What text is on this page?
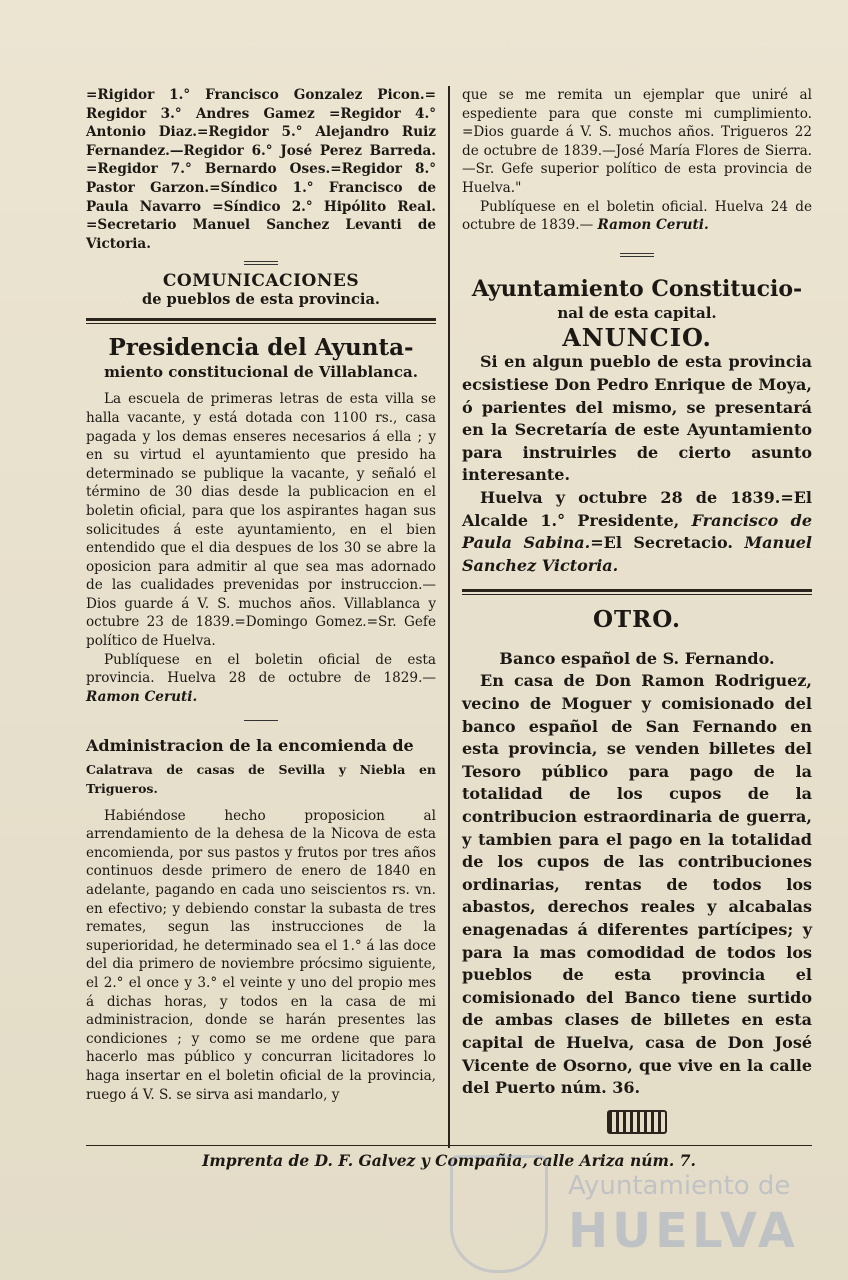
=Rigidor 1.° Francisco Gonzalez Picon.= Regidor 3.° Andres Gamez =Regidor 4.° Antonio Diaz.=Regidor 5.° Alejandro Ruiz Fernandez.—Regidor 6.° José Perez Barreda. =Regidor 7.° Bernardo Oses.=Regidor 8.° Pastor Garzon.=Síndico 1.° Francisco de Paula Navarro =Síndico 2.° Hipólito Real. =Secretario Manuel Sanchez Levanti de Victoria.

COMUNICACIONES
de pueblos de esta provincia.

Presidencia del Ayunta-

miento constitucional de Villablanca.

La escuela de primeras letras de esta villa se halla vacante, y está dotada con 1100 rs., casa pagada y los demas enseres necesarios á ella ; y en su virtud el ayuntamiento que presido ha determinado se publique la vacante, y señaló el término de 30 dias desde la publicacion en el boletin oficial, para que los aspirantes hagan sus solicitudes á este ayuntamiento, en el bien entendido que el dia despues de los 30 se abre la oposicion para admitir al que sea mas adornado de las cualidades prevenidas por instruccion.—Dios guarde á V. S. muchos años. Villablanca y octubre 23 de 1839.=Domingo Gomez.=Sr. Gefe político de Huelva.

Publíquese en el boletin oficial de esta provincia. Huelva 28 de octubre de 1829.— Ramon Ceruti.

Administracion de la encomienda de

Calatrava de casas de Sevilla y Niebla en Trigueros.

Habiéndose hecho proposicion al arrendamiento de la dehesa de la Nicova de esta encomienda, por sus pastos y frutos por tres años continuos desde primero de enero de 1840 en adelante, pagando en cada uno seiscientos rs. vn. en efectivo; y debiendo constar la subasta de tres remates, segun las instrucciones de la superioridad, he determinado sea el 1.° á las doce del dia primero de noviembre prócsimo siguiente, el 2.° el once y 3.° el veinte y uno del propio mes á dichas horas, y todos en la casa de mi administracion, donde se harán presentes las condiciones ; y como se me ordene que para hacerlo mas público y concurran licitadores lo haga insertar en el boletin oficial de la provincia, ruego á V. S. se sirva asi mandarlo, y

que se me remita un ejemplar que uniré al espediente para que conste mi cumplimiento. =Dios guarde á V. S. muchos años. Trigueros 22 de octubre de 1839.—José María Flores de Sierra.—Sr. Gefe superior político de esta provincia de Huelva."

Publíquese en el boletin oficial. Huelva 24 de octubre de 1839.— Ramon Ceruti.

Ayuntamiento Constitucio-

nal de esta capital.

ANUNCIO.

Si en algun pueblo de esta provincia ecsistiese Don Pedro Enrique de Moya, ó parientes del mismo, se presentará en la Secretaría de este Ayuntamiento para instruirles de cierto asunto interesante.

Huelva y octubre 28 de 1839.=El Alcalde 1.° Presidente, Francisco de Paula Sabina.=El Secretacio. Manuel Sanchez Victoria.

OTRO.

Banco español de S. Fernando.

En casa de Don Ramon Rodriguez, vecino de Moguer y comisionado del banco español de San Fernando en esta provincia, se venden billetes del Tesoro público para pago de la totalidad de los cupos de la contribucion estraordinaria de guerra, y tambien para el pago en la totalidad de los cupos de las contribuciones ordinarias, rentas de todos los abastos, derechos reales y alcabalas enagenadas á diferentes partícipes; y para la mas comodidad de todos los pueblos de esta provincia el comisionado del Banco tiene surtido de ambas clases de billetes en esta capital de Huelva, casa de Don José Vicente de Osorno, que vive en la calle del Puerto núm. 36.

Imprenta de D. F. Galvez y Compañia, calle Ariza núm. 7.
Ayuntamiento de
HUELVA
